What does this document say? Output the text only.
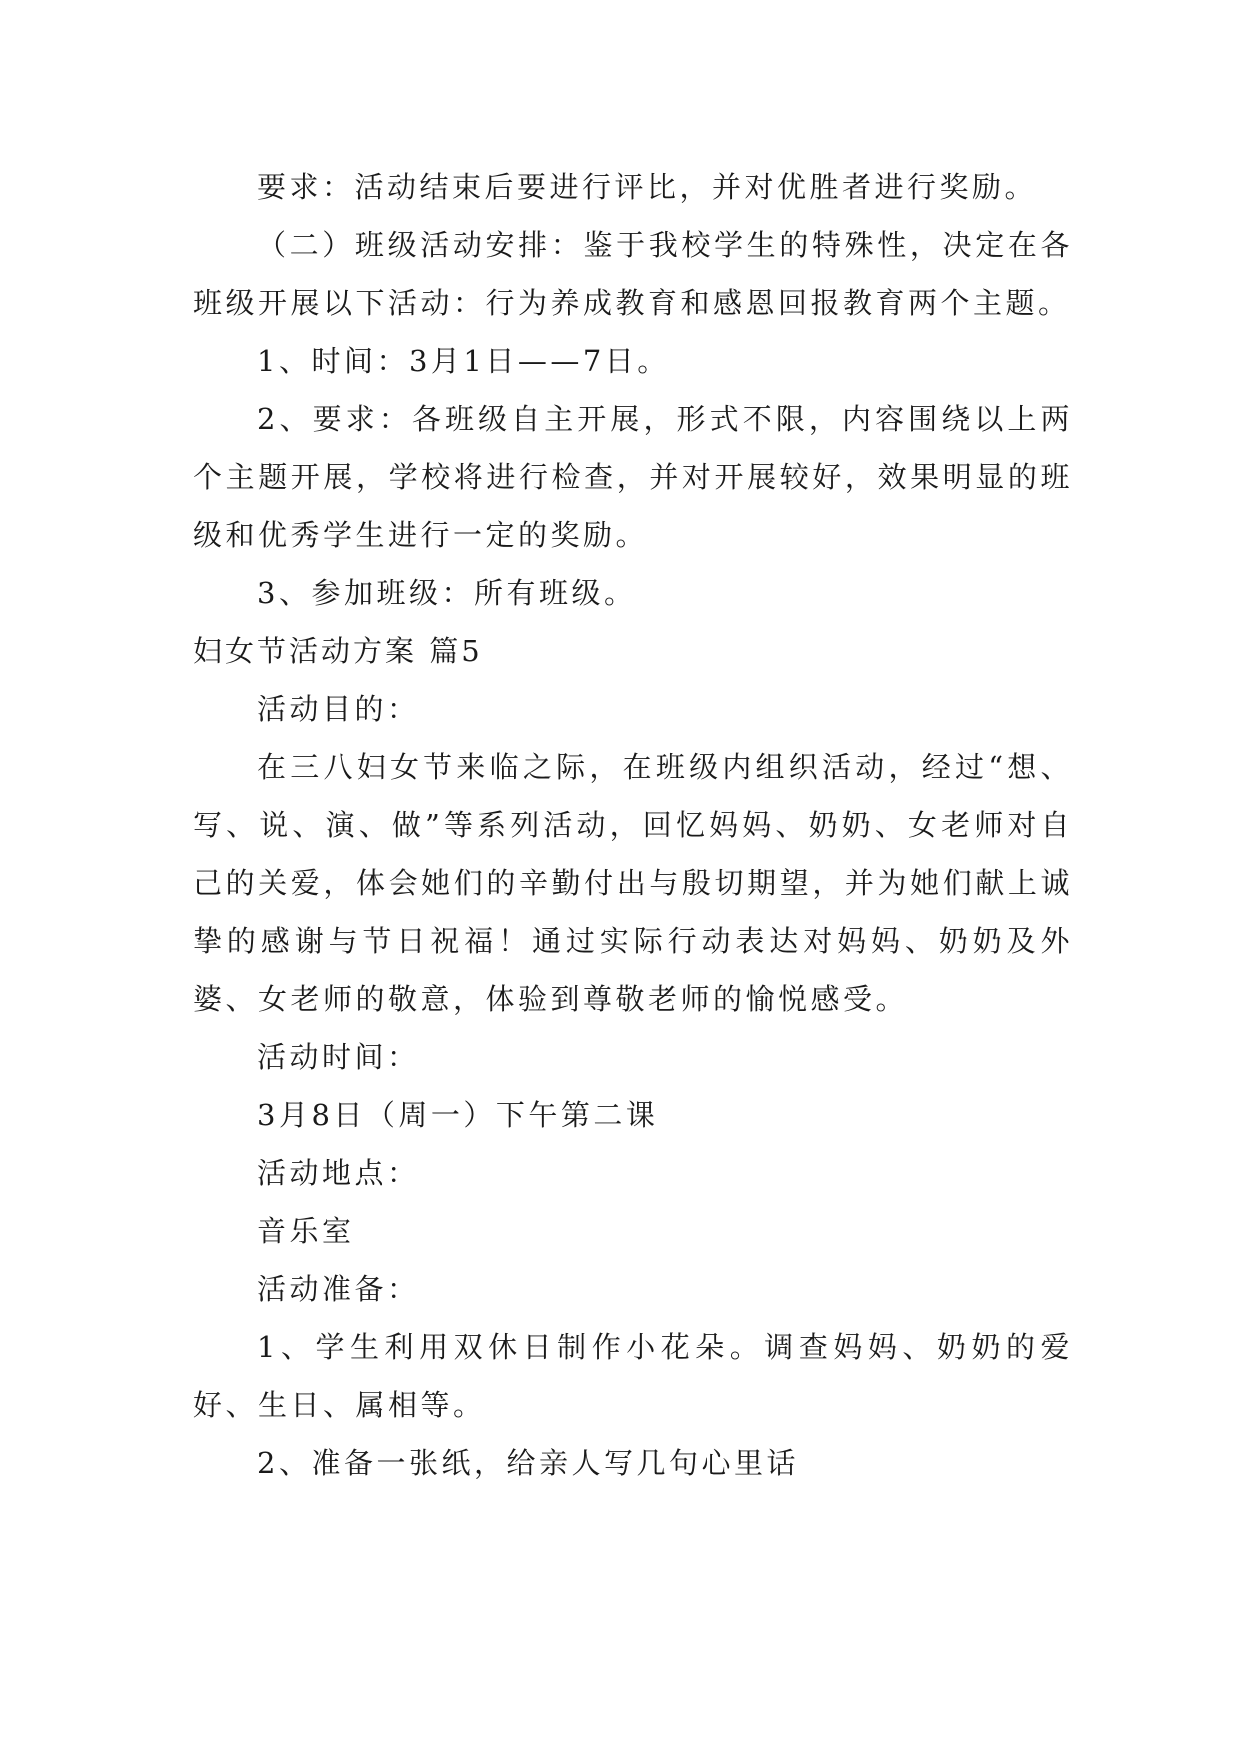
要求：活动结束后要进行评比，并对优胜者进行奖励。

（二）班级活动安排：鉴于我校学生的特殊性，决定在各班级开展以下活动：行为养成教育和感恩回报教育两个主题。

1、时间：3月1日——7日。

2、要求：各班级自主开展，形式不限，内容围绕以上两个主题开展，学校将进行检查，并对开展较好，效果明显的班级和优秀学生进行一定的奖励。

3、参加班级：所有班级。

妇女节活动方案 篇5

活动目的：

在三八妇女节来临之际，在班级内组织活动，经过“想、写、说、演、做”等系列活动，回忆妈妈、奶奶、女老师对自己的关爱，体会她们的辛勤付出与殷切期望，并为她们献上诚挚的感谢与节日祝福！通过实际行动表达对妈妈、奶奶及外婆、女老师的敬意，体验到尊敬老师的愉悦感受。

活动时间：

3月8日（周一）下午第二课

活动地点：

音乐室

活动准备：

1、学生利用双休日制作小花朵。调查妈妈、奶奶的爱好、生日、属相等。

2、准备一张纸，给亲人写几句心里话
